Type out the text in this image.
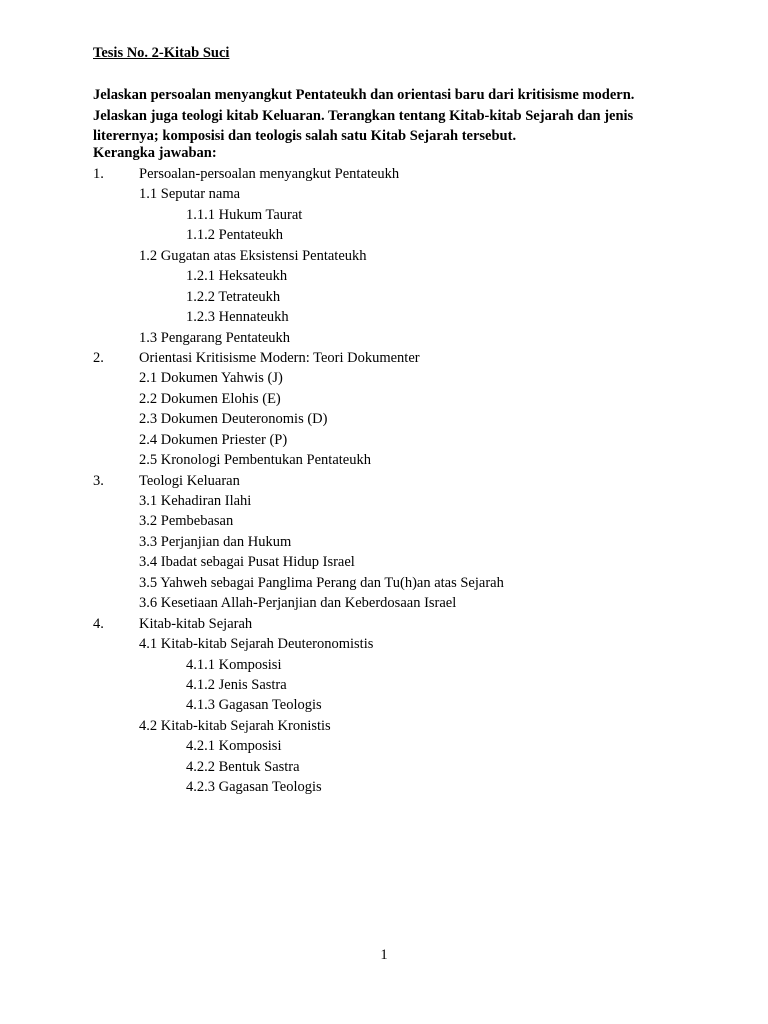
Tesis No. 2-Kitab Suci
Jelaskan persoalan menyangkut Pentateukh dan orientasi baru dari kritisisme modern.
Jelaskan juga teologi kitab Keluaran. Terangkan tentang Kitab-kitab Sejarah dan jenis
literernya; komposisi dan teologis salah satu Kitab Sejarah tersebut.
Kerangka jawaban:
1. Persoalan-persoalan menyangkut Pentateukh
1.1 Seputar nama
1.1.1 Hukum Taurat
1.1.2 Pentateukh
1.2 Gugatan atas Eksistensi Pentateukh
1.2.1 Heksateukh
1.2.2 Tetrateukh
1.2.3 Hennateukh
1.3 Pengarang Pentateukh
2. Orientasi Kritisisme Modern: Teori Dokumenter
2.1 Dokumen Yahwis (J)
2.2 Dokumen Elohis (E)
2.3 Dokumen Deuteronomis (D)
2.4 Dokumen Priester (P)
2.5 Kronologi Pembentukan Pentateukh
3. Teologi Keluaran
3.1 Kehadiran Ilahi
3.2 Pembebasan
3.3 Perjanjian dan Hukum
3.4 Ibadat sebagai Pusat Hidup Israel
3.5 Yahweh sebagai Panglima Perang dan Tu(h)an atas Sejarah
3.6 Kesetiaan Allah-Perjanjian dan Keberdosaan Israel
4. Kitab-kitab Sejarah
4.1 Kitab-kitab Sejarah Deuteronomistis
4.1.1 Komposisi
4.1.2 Jenis Sastra
4.1.3 Gagasan Teologis
4.2 Kitab-kitab Sejarah Kronistis
4.2.1 Komposisi
4.2.2 Bentuk Sastra
4.2.3 Gagasan Teologis
1
